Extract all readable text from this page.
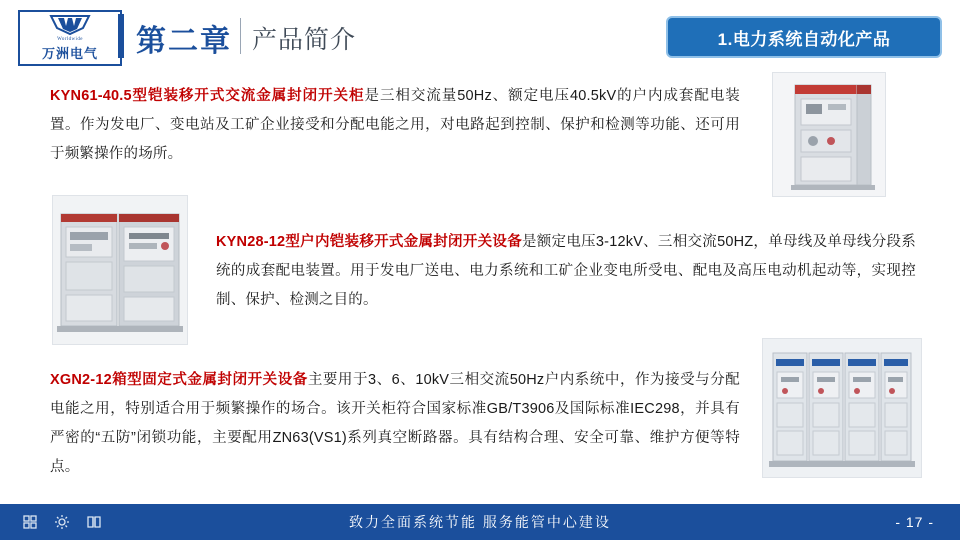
Worldwide
万洲电气 第二章 产品简介	1.电力系统自动化产品
KYN61-40.5型铠装移开式交流金属封闭开关柜是三相交流量50Hz、额定电压40.5kV的户内成套配电装置。作为发电厂、变电站及工矿企业接受和分配电能之用，对电路起到控制、保护和检测等功能、还可用于频繁操作的场所。
KYN28-12型户内铠装移开式金属封闭开关设备是额定电压3-12kV、三相交流50HZ，单母线及单母线分段系统的成套配电装置。用于发电厂送电、电力系统和工矿企业变电所受电、配电及高压电动机起动等，实现控制、保护、检测之目的。
XGN2-12箱型固定式金属封闭开关设备主要用于3、6、10kV三相交流50Hz户内系统中，作为接受与分配电能之用，特别适合用于频繁操作的场合。该开关柜符合国家标准GB/T3906及国际标准IEC298，并具有严密的“五防”闭锁功能，主要配用ZN63(VS1)系列真空断路器。具有结构合理、安全可靠、维护方便等特点。
致力全面系统节能 服务能管中心建设	- 17 -
